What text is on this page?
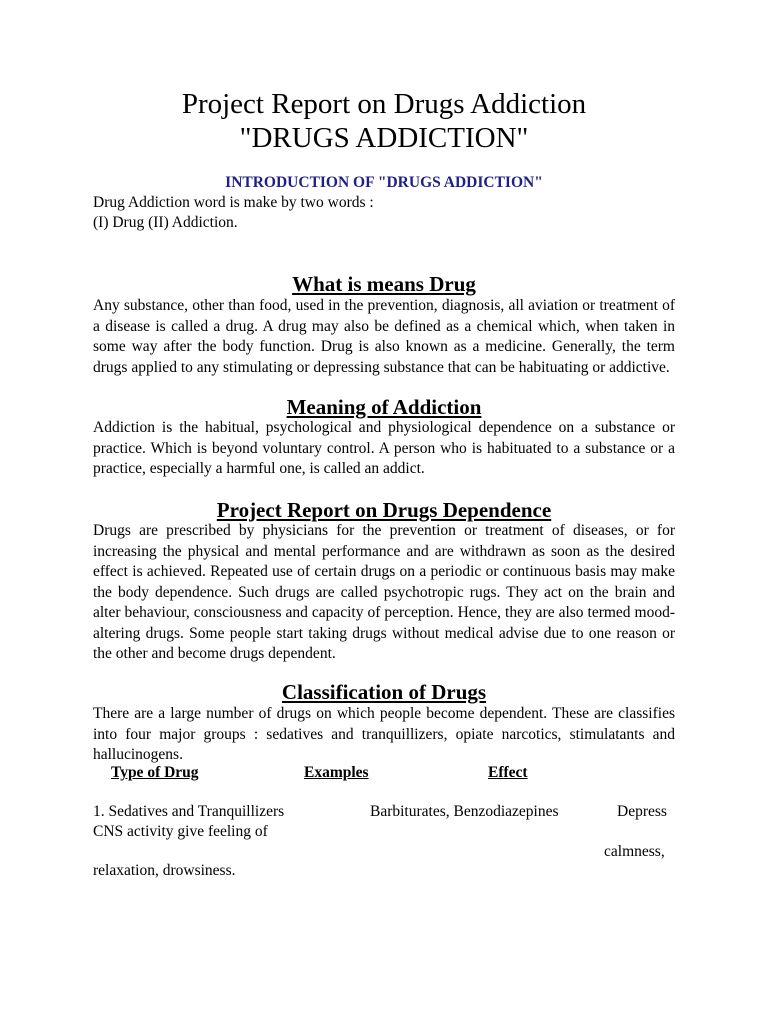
Project Report on Drugs Addiction
"DRUGS ADDICTION"
INTRODUCTION OF "DRUGS ADDICTION"
Drug Addiction word is make by two words :
(I) Drug (II) Addiction.
What is means Drug
Any substance, other than food, used in the prevention, diagnosis, all aviation or treatment of a disease is called a drug. A drug may also be defined as a chemical which, when taken in some way after the body function. Drug is also known as a medicine. Generally, the term drugs applied to any stimulating or depressing substance that can be habituating or addictive.
Meaning of Addiction
Addiction is the habitual, psychological and physiological dependence on a substance or practice. Which is beyond voluntary control. A person who is habituated to a substance or a practice, especially a harmful one, is called an addict.
Project Report on Drugs Dependence
Drugs are prescribed by physicians for the prevention or treatment of diseases, or for increasing the physical and mental performance and are withdrawn as soon as the desired effect is achieved. Repeated use of certain drugs on a periodic or continuous basis may make the body dependence. Such drugs are called psychotropic rugs. They act on the brain and alter behaviour, consciousness and capacity of perception. Hence, they are also termed mood-altering drugs. Some people start taking drugs without medical advise due to one reason or the other and become drugs dependent.
Classification of Drugs
There are a large number of drugs on which people become dependent. These are classifies into four major groups : sedatives and tranquillizers, opiate narcotics, stimulatants and hallucinogens.
Type of Drug	Examples	Effect
1. Sedatives and Tranquillizers	Barbiturates, Benzodiazepines	Depress
CNS activity give feeling of
calmness,
relaxation, drowsiness.
